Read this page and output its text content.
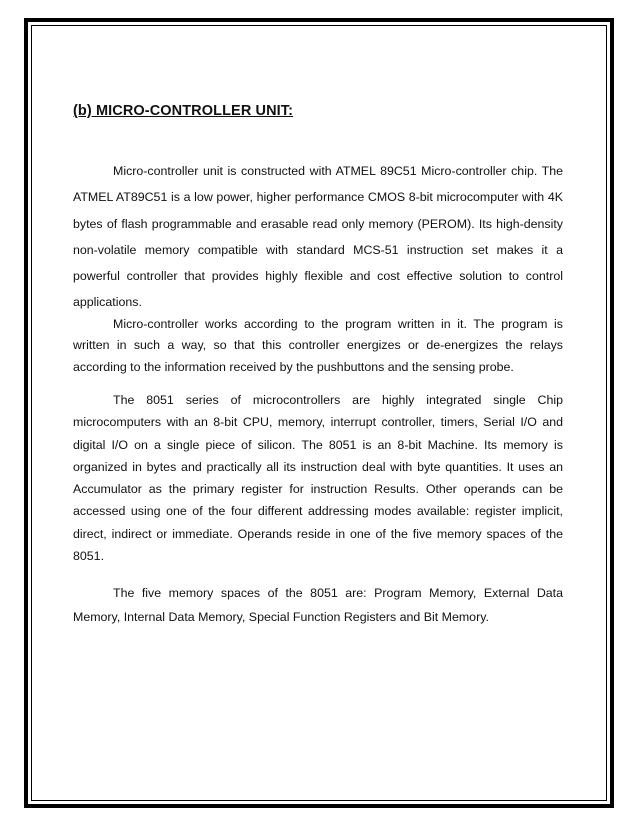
(b) MICRO-CONTROLLER UNIT:

Micro-controller unit is constructed with ATMEL 89C51 Micro-controller chip. The ATMEL AT89C51 is a low power, higher performance CMOS 8-bit microcomputer with 4K bytes of flash programmable and erasable read only memory (PEROM). Its high-density non-volatile memory compatible with standard MCS-51 instruction set makes it a powerful controller that provides highly flexible and cost effective solution to control applications.

Micro-controller works according to the program written in it. The program is written in such a way, so that this controller energizes or de-energizes the relays according to the information received by the pushbuttons and the sensing probe.

The 8051 series of microcontrollers are highly integrated single Chip microcomputers with an 8-bit CPU, memory, interrupt controller, timers, Serial I/O and digital I/O on a single piece of silicon. The 8051 is an 8-bit Machine. Its memory is organized in bytes and practically all its instruction deal with byte quantities. It uses an Accumulator as the primary register for instruction Results. Other operands can be accessed using one of the four different addressing modes available: register implicit, direct, indirect or immediate. Operands reside in one of the five memory spaces of the 8051.

The five memory spaces of the 8051 are: Program Memory, External Data Memory, Internal Data Memory, Special Function Registers and Bit Memory.
